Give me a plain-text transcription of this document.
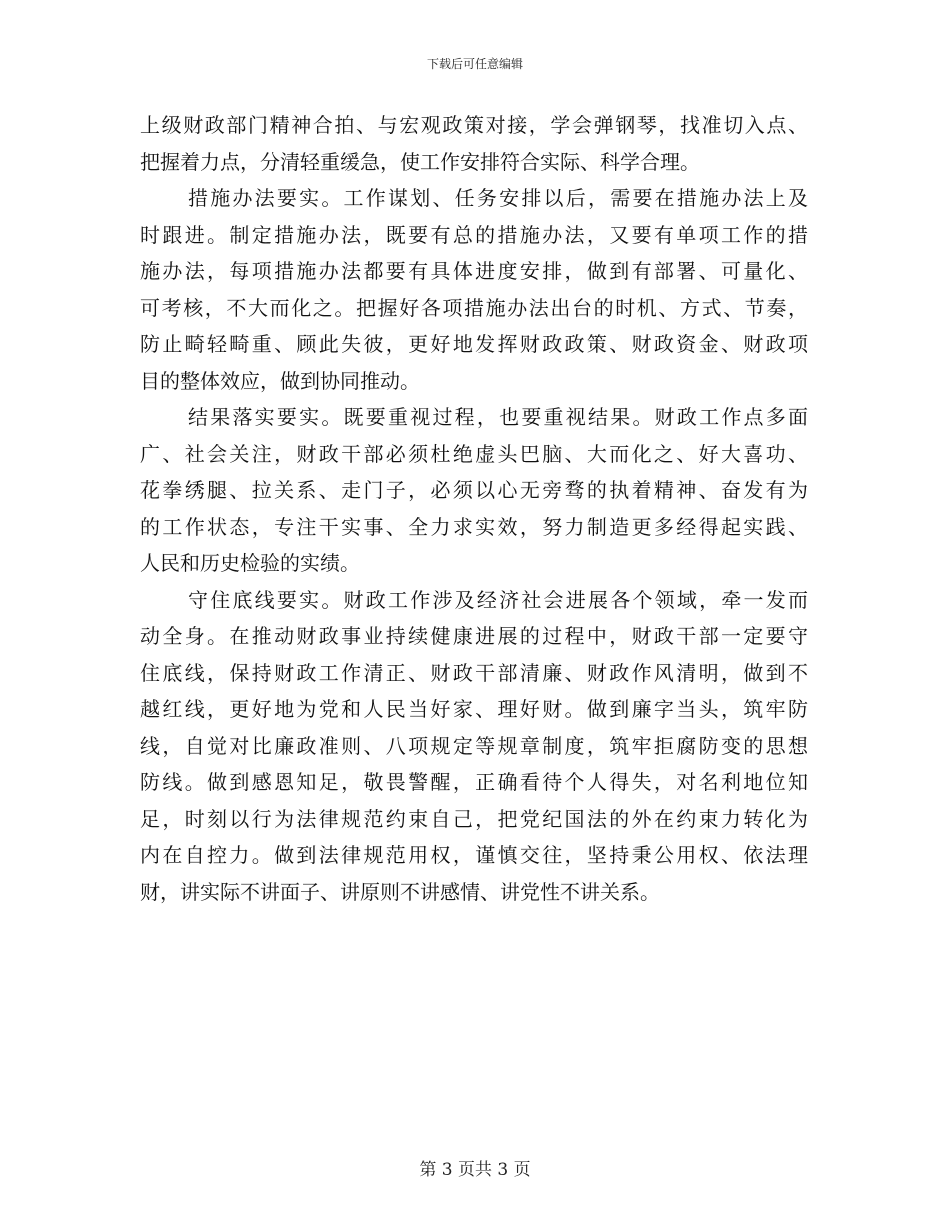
下载后可任意编辑
上级财政部门精神合拍、与宏观政策对接，学会弹钢琴，找准切入点、
把握着力点，分清轻重缓急，使工作安排符合实际、科学合理。
措施办法要实。工作谋划、任务安排以后，需要在措施办法上及
时跟进。制定措施办法，既要有总的措施办法，又要有单项工作的措
施办法，每项措施办法都要有具体进度安排，做到有部署、可量化、
可考核，不大而化之。把握好各项措施办法出台的时机、方式、节奏，
防止畸轻畸重、顾此失彼，更好地发挥财政政策、财政资金、财政项
目的整体效应，做到协同推动。
结果落实要实。既要重视过程，也要重视结果。财政工作点多面
广、社会关注，财政干部必须杜绝虚头巴脑、大而化之、好大喜功、
花拳绣腿、拉关系、走门子，必须以心无旁骛的执着精神、奋发有为
的工作状态，专注干实事、全力求实效，努力制造更多经得起实践、
人民和历史检验的实绩。
守住底线要实。财政工作涉及经济社会进展各个领域，牵一发而
动全身。在推动财政事业持续健康进展的过程中，财政干部一定要守
住底线，保持财政工作清正、财政干部清廉、财政作风清明，做到不
越红线，更好地为党和人民当好家、理好财。做到廉字当头，筑牢防
线，自觉对比廉政准则、八项规定等规章制度，筑牢拒腐防变的思想
防线。做到感恩知足，敬畏警醒，正确看待个人得失，对名利地位知
足，时刻以行为法律规范约束自己，把党纪国法的外在约束力转化为
内在自控力。做到法律规范用权，谨慎交往，坚持秉公用权、依法理
财，讲实际不讲面子、讲原则不讲感情、讲党性不讲关系。
第 3 页共 3 页
